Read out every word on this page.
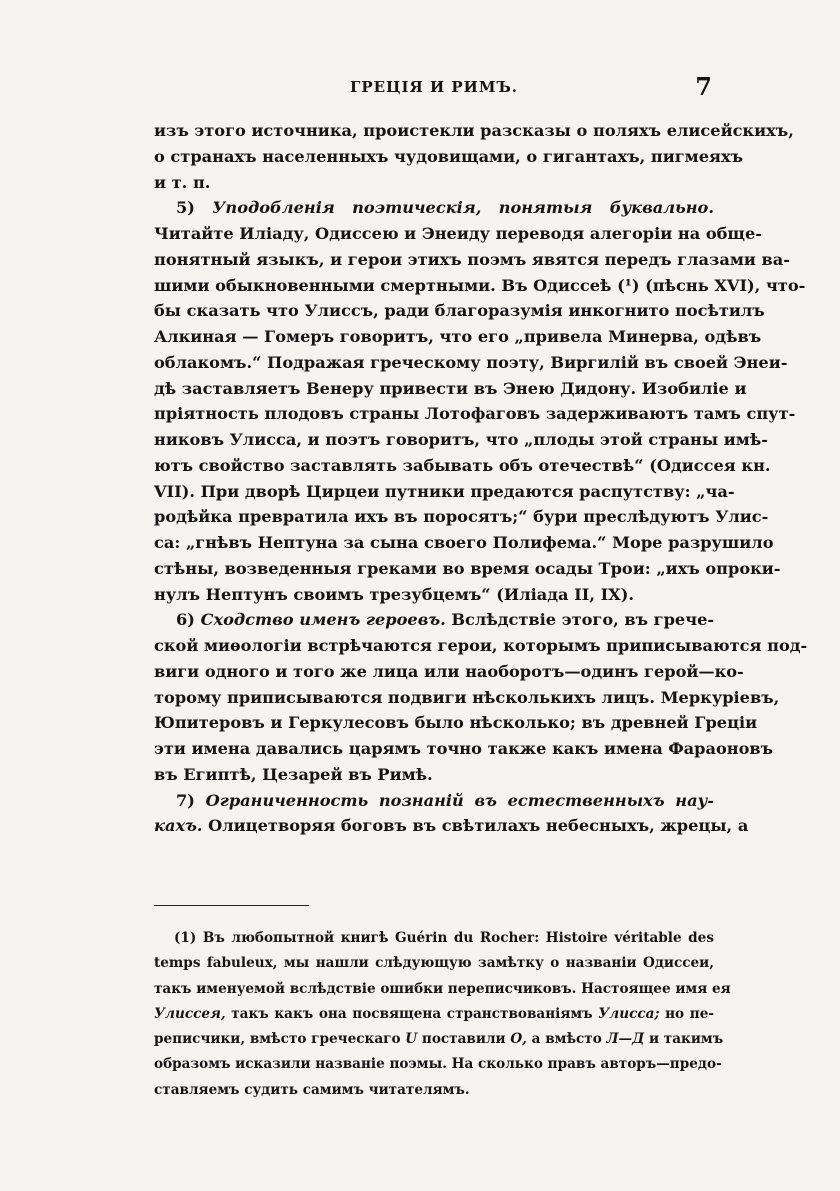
ГРЕЦІЯ И РИМЪ.	7
изъ этого источника, проистекли разсказы о поляхъ елисейскихъ,
о странахъ населенныхъ чудовищами, о гигантахъ, пигмеяхъ
и т. п.
5) Уподобленія поэтическія, понятыя буквально.
Читайте Иліаду, Одиссею и Энеиду переводя алегоріи на обще-
понятный языкъ, и герои этихъ поэмъ явятся передъ глазами ва-
шими обыкновенными смертными. Въ Одиссеѣ (¹) (пѣснь XVI), что-
бы сказать что Улиссъ, ради благоразумія инкогнито посѣтилъ
Алкиная — Гомеръ говоритъ, что его „привела Минерва, одѣвъ
облакомъ.“ Подражая греческому поэту, Виргилій въ своей Энеи-
дѣ заставляетъ Венеру привести въ Энею Дидону. Изобиліе и
пріятность плодовъ страны Лотофаговъ задерживаютъ тамъ спут-
никовъ Улисса, и поэтъ говоритъ, что „плоды этой страны имѣ-
ютъ свойство заставлять забывать объ отечествѣ“ (Одиссея кн.
VII). При дворѣ Цирцеи путники предаются распутству: „ча-
родѣйка превратила ихъ въ поросятъ;“ бури преслѣдуютъ Улис-
са: „гнѣвъ Нептуна за сына своего Полифема.“ Море разрушило
стѣны, возведенныя греками во время осады Трои: „ихъ опроки-
нулъ Нептунъ своимъ трезубцемъ“ (Иліада II, IX).
6) Сходство именъ героевъ. Вслѣдствіе этого, въ грече-
ской миѳологіи встрѣчаются герои, которымъ приписываются под-
виги одного и того же лица или наоборотъ—одинъ герой—ко-
торому приписываются подвиги нѣсколькихъ лицъ. Меркуріевъ,
Юпитеровъ и Геркулесовъ было нѣсколько; въ древней Греціи
эти имена давались царямъ точно также какъ имена Фараоновъ
въ Египтѣ, Цезарей въ Римѣ.
7) Ограниченность познаній въ естественныхъ нау-
кахъ. Олицетворяя боговъ въ свѣтилахъ небесныхъ, жрецы, а
(1) Въ любопытной книгѣ Guérin du Rocher: Histoire véritable des
temps fabuleux, мы нашли слѣдующую замѣтку о названіи Одиссеи,
такъ именуемой вслѣдствіе ошибки переписчиковъ. Настоящее имя ея
Улиссея, такъ какъ она посвящена странствованіямъ Улисса; но пе-
реписчики, вмѣсто греческаго U поставили О, а вмѣсто Л—Д и такимъ
образомъ исказили названіе поэмы. На сколько правъ авторъ—предо-
ставляемъ судить самимъ читателямъ.
